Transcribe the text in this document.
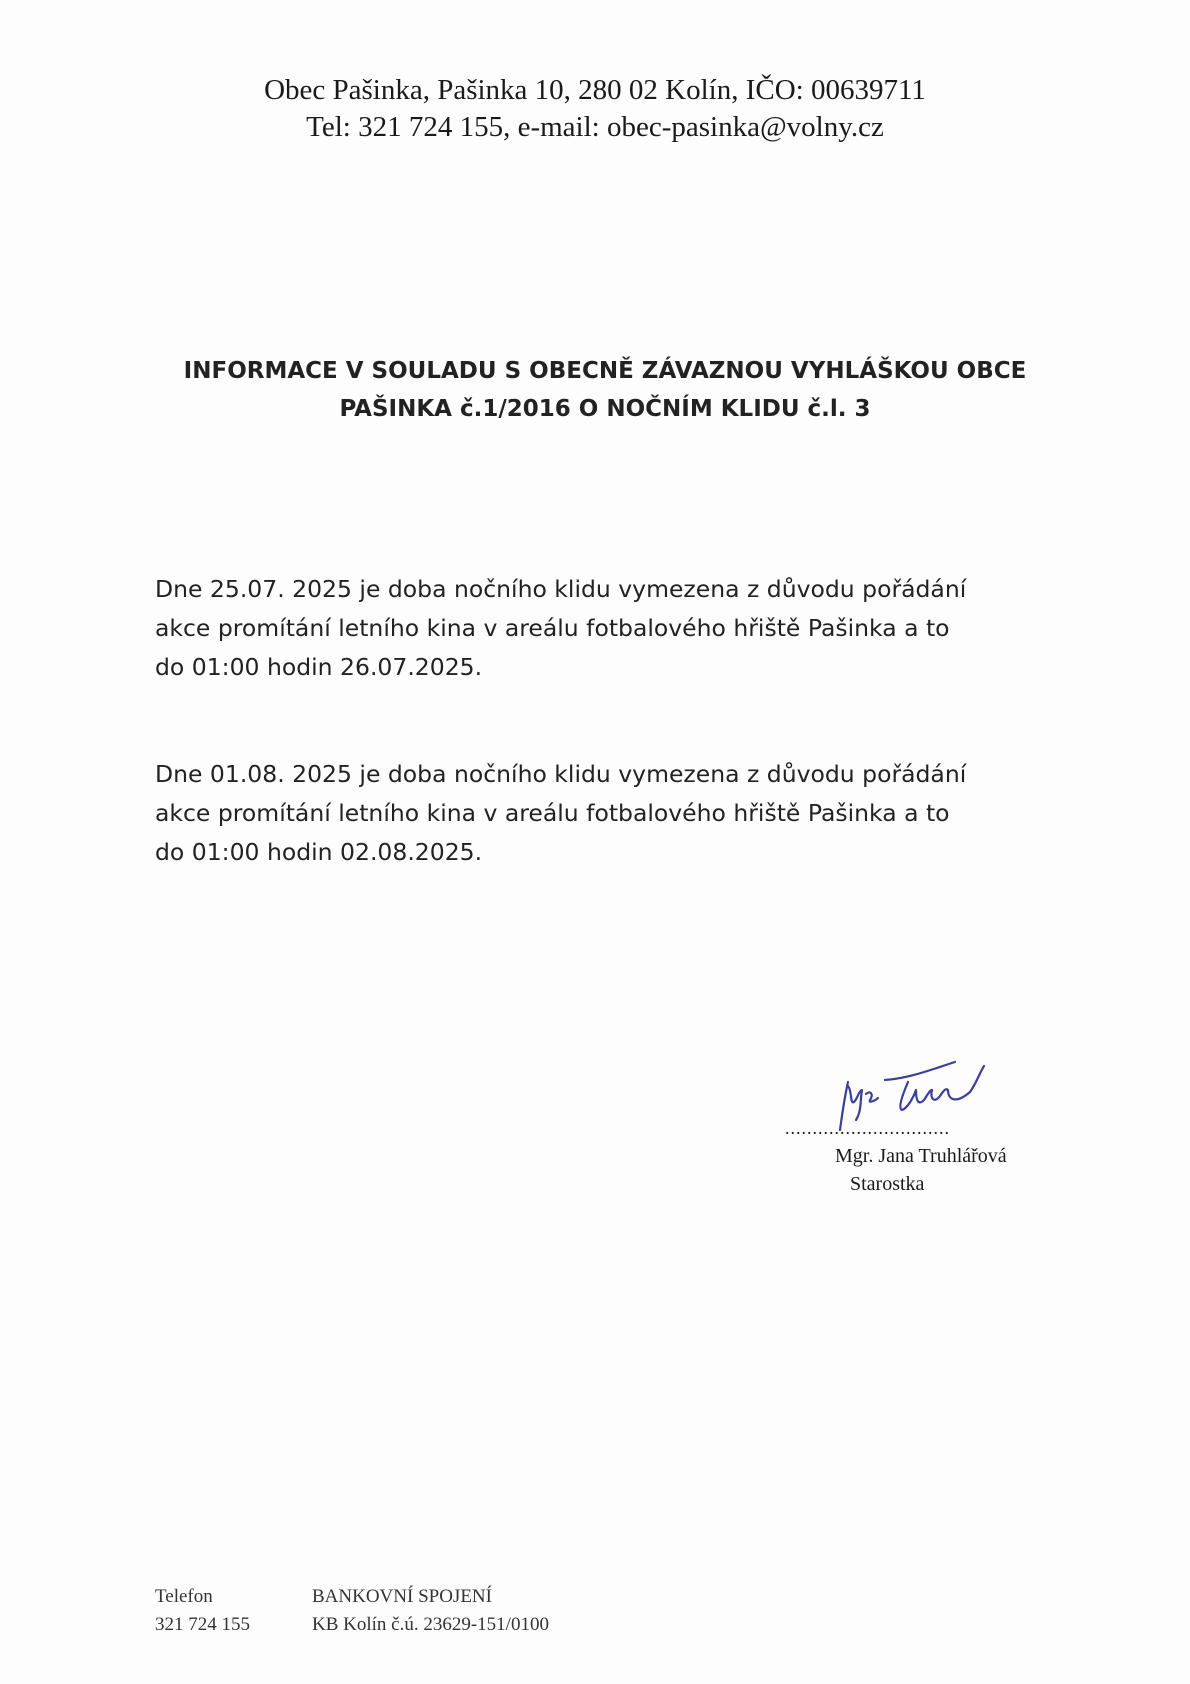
Obec Pašinka, Pašinka 10, 280 02 Kolín, IČO: 00639711
Tel: 321 724 155, e-mail: obec-pasinka@volny.cz
INFORMACE V SOULADU S OBECNĚ ZÁVAZNOU VYHLÁŠKOU OBCE
PAŠINKA č.1/2016 O NOČNÍM KLIDU č.l. 3
Dne 25.07. 2025 je doba nočního klidu vymezena z důvodu pořádání
akce promítání letního kina v areálu fotbalového hřiště Pašinka a to
do 01:00 hodin 26.07.2025.
Dne 01.08. 2025 je doba nočního klidu vymezena z důvodu pořádání
akce promítání letního kina v areálu fotbalového hřiště Pašinka a to
do 01:00 hodin 02.08.2025.
..............................
Mgr. Jana Truhlářová
Starostka
Telefon
321 724 155
BANKOVNÍ SPOJENÍ
KB Kolín č.ú. 23629-151/0100
